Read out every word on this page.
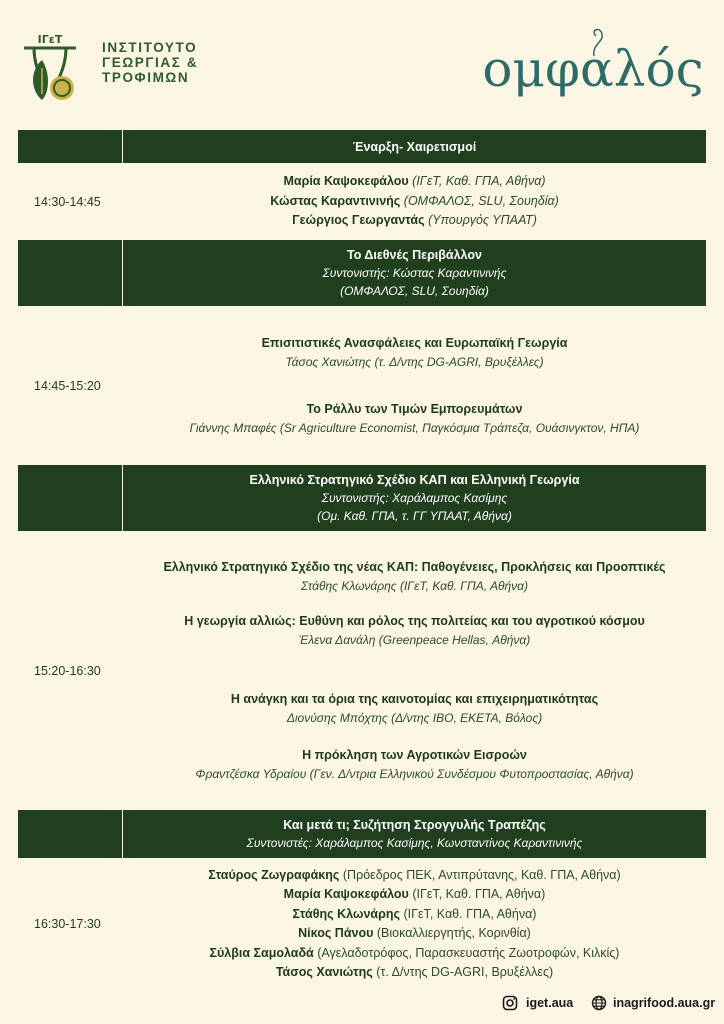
ΙΓεΤ
ΙΝΣΤΙΤΟΥΤΟ
ΓΕΩΡΓΙΑΣ &
ΤΡΟΦΙΜΩΝ	ομφαλός
Έναρξη- Χαιρετισμοί
14:30-14:45
Μαρία Καψοκεφάλου (ΙΓεΤ, Καθ. ΓΠΑ, Αθήνα)
Κώστας Καραντινινής (ΟΜΦΑΛΟΣ, SLU, Σουηδία)
Γεώργιος Γεωργαντάς (Υπουργός ΥΠΑΑΤ)
Το Διεθνές Περιβάλλον
Συντονιστής: Κώστας Καραντινινής
(ΟΜΦΑΛΟΣ, SLU, Σουηδία)
14:45-15:20
Επισιτιστικές Ανασφάλειες και Ευρωπαϊκή Γεωργία
Τάσος Χανιώτης (τ. Δ/ντης DG-AGRI, Βρυξέλλες)
Το Ράλλυ των Τιμών Εμπορευμάτων
Γιάννης Μπαφές (Sr Agriculture Economist, Παγκόσμια Τράπεζα, Ουάσινγκτον, ΗΠΑ)
Ελληνικό Στρατηγικό Σχέδιο ΚΑΠ και Ελληνική Γεωργία
Συντονιστής: Χαράλαμπος Κασίμης
(Ομ. Καθ. ΓΠΑ, τ. ΓΓ ΥΠΑΑΤ, Αθήνα)
15:20-16:30
Ελληνικό Στρατηγικό Σχέδιο της νέας ΚΑΠ: Παθογένειες, Προκλήσεις και Προοπτικές
Στάθης Κλωνάρης (ΙΓεΤ, Καθ. ΓΠΑ, Αθήνα)
Η γεωργία αλλιώς: Ευθύνη και ρόλος της πολιτείας και του αγροτικού κόσμου
Έλενα Δανάλη (Greenpeace Hellas, Αθήνα)
Η ανάγκη και τα όρια της καινοτομίας και επιχειρηματικότητας
Διονύσης Μπόχτης (Δ/ντης ΙΒΟ, ΕΚΕΤΑ, Βόλος)
Η πρόκληση των Αγροτικών Εισροών
Φραντζέσκα Υδραίου (Γεν. Δ/ντρια Ελληνικού Συνδέσμου Φυτοπροστασίας, Αθήνα)
Και μετά τι; Συζήτηση Στρογγυλής Τραπέζης
Συντονιστές: Χαράλαμπος Κασίμης, Κωνσταντίνος Καραντινινής
16:30-17:30
Σταύρος Ζωγραφάκης (Πρόεδρος ΠΕΚ, Αντιπρύτανης, Καθ. ΓΠΑ, Αθήνα)
Μαρία Καψοκεφάλου (ΙΓεΤ, Καθ. ΓΠΑ, Αθήνα)
Στάθης Κλωνάρης (ΙΓεΤ, Καθ. ΓΠΑ, Αθήνα)
Νίκος Πάνου (Βιοκαλλιεργητής, Κορινθία)
Σύλβια Σαμολαδά (Αγελαδοτρόφος, Παρασκευαστής Ζωοτροφών, Κιλκίς)
Τάσος Χανιώτης (τ. Δ/ντης DG-AGRI, Βρυξέλλες)
iget.aua	inagrifood.aua.gr
